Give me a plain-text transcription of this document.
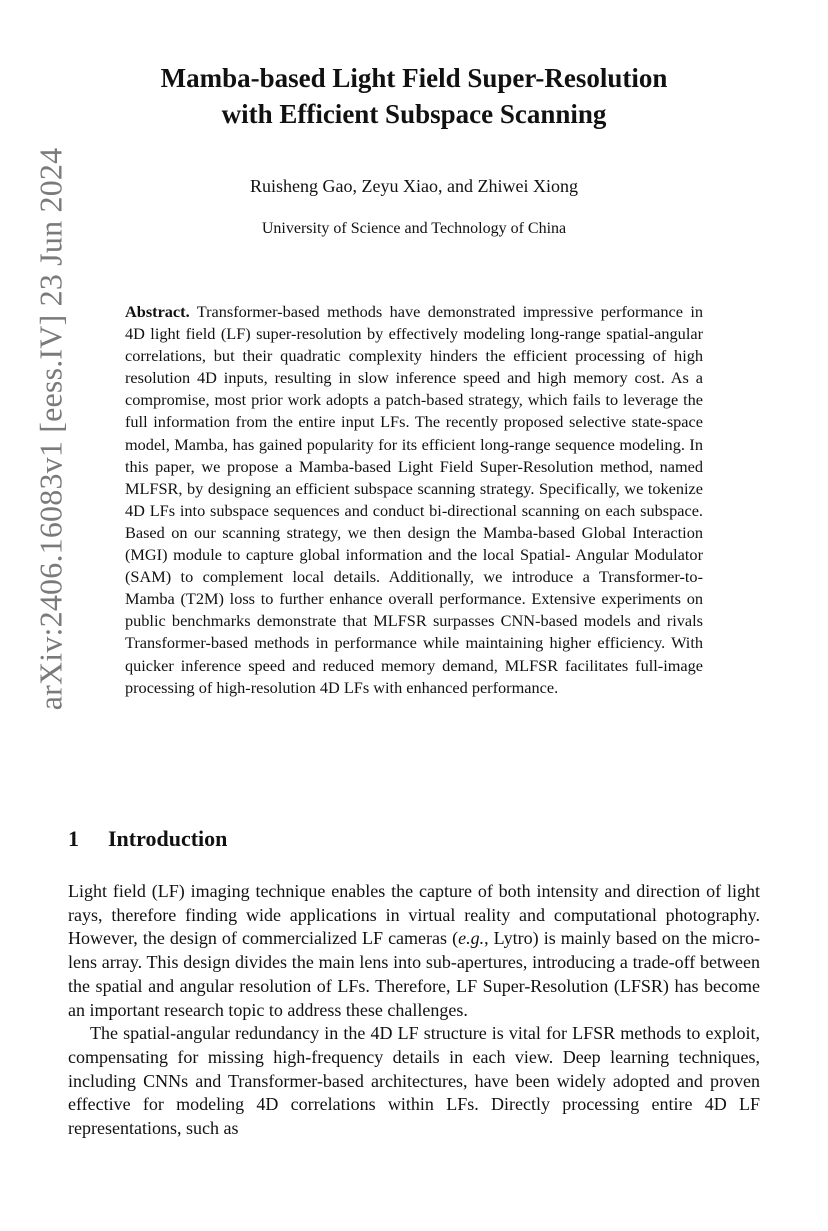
arXiv:2406.16083v1 [eess.IV] 23 Jun 2024
Mamba-based Light Field Super-Resolution
with Efficient Subspace Scanning
Ruisheng Gao, Zeyu Xiao, and Zhiwei Xiong
University of Science and Technology of China

Abstract. Transformer-based methods have demonstrated impressive performance in 4D light field (LF) super-resolution by effectively modeling long-range spatial-angular correlations, but their quadratic complexity hinders the efficient processing of high resolution 4D inputs, resulting in slow inference speed and high memory cost. As a compromise, most prior work adopts a patch-based strategy, which fails to leverage the full information from the entire input LFs. The recently proposed selective state-space model, Mamba, has gained popularity for its efficient long-range sequence modeling. In this paper, we propose a Mamba-based Light Field Super-Resolution method, named MLFSR, by designing an efficient subspace scanning strategy. Specifically, we tokenize 4D LFs into subspace sequences and conduct bi-directional scanning on each subspace. Based on our scanning strategy, we then design the Mamba-based Global Interaction (MGI) module to capture global information and the local Spatial- Angular Modulator (SAM) to complement local details. Additionally, we introduce a Transformer-to-Mamba (T2M) loss to further enhance overall performance. Extensive experiments on public benchmarks demonstrate that MLFSR surpasses CNN-based models and rivals Transformer-based methods in performance while maintaining higher efficiency. With quicker inference speed and reduced memory demand, MLFSR facilitates full-image processing of high-resolution 4D LFs with enhanced performance.

1 Introduction

Light field (LF) imaging technique enables the capture of both intensity and direction of light rays, therefore finding wide applications in virtual reality and computational photography. However, the design of commercialized LF cameras (e.g., Lytro) is mainly based on the micro-lens array. This design divides the main lens into sub-apertures, introducing a trade-off between the spatial and angular resolution of LFs. Therefore, LF Super-Resolution (LFSR) has become an important research topic to address these challenges.

The spatial-angular redundancy in the 4D LF structure is vital for LFSR methods to exploit, compensating for missing high-frequency details in each view. Deep learning techniques, including CNNs and Transformer-based architectures, have been widely adopted and proven effective for modeling 4D correlations within LFs. Directly processing entire 4D LF representations, such as
